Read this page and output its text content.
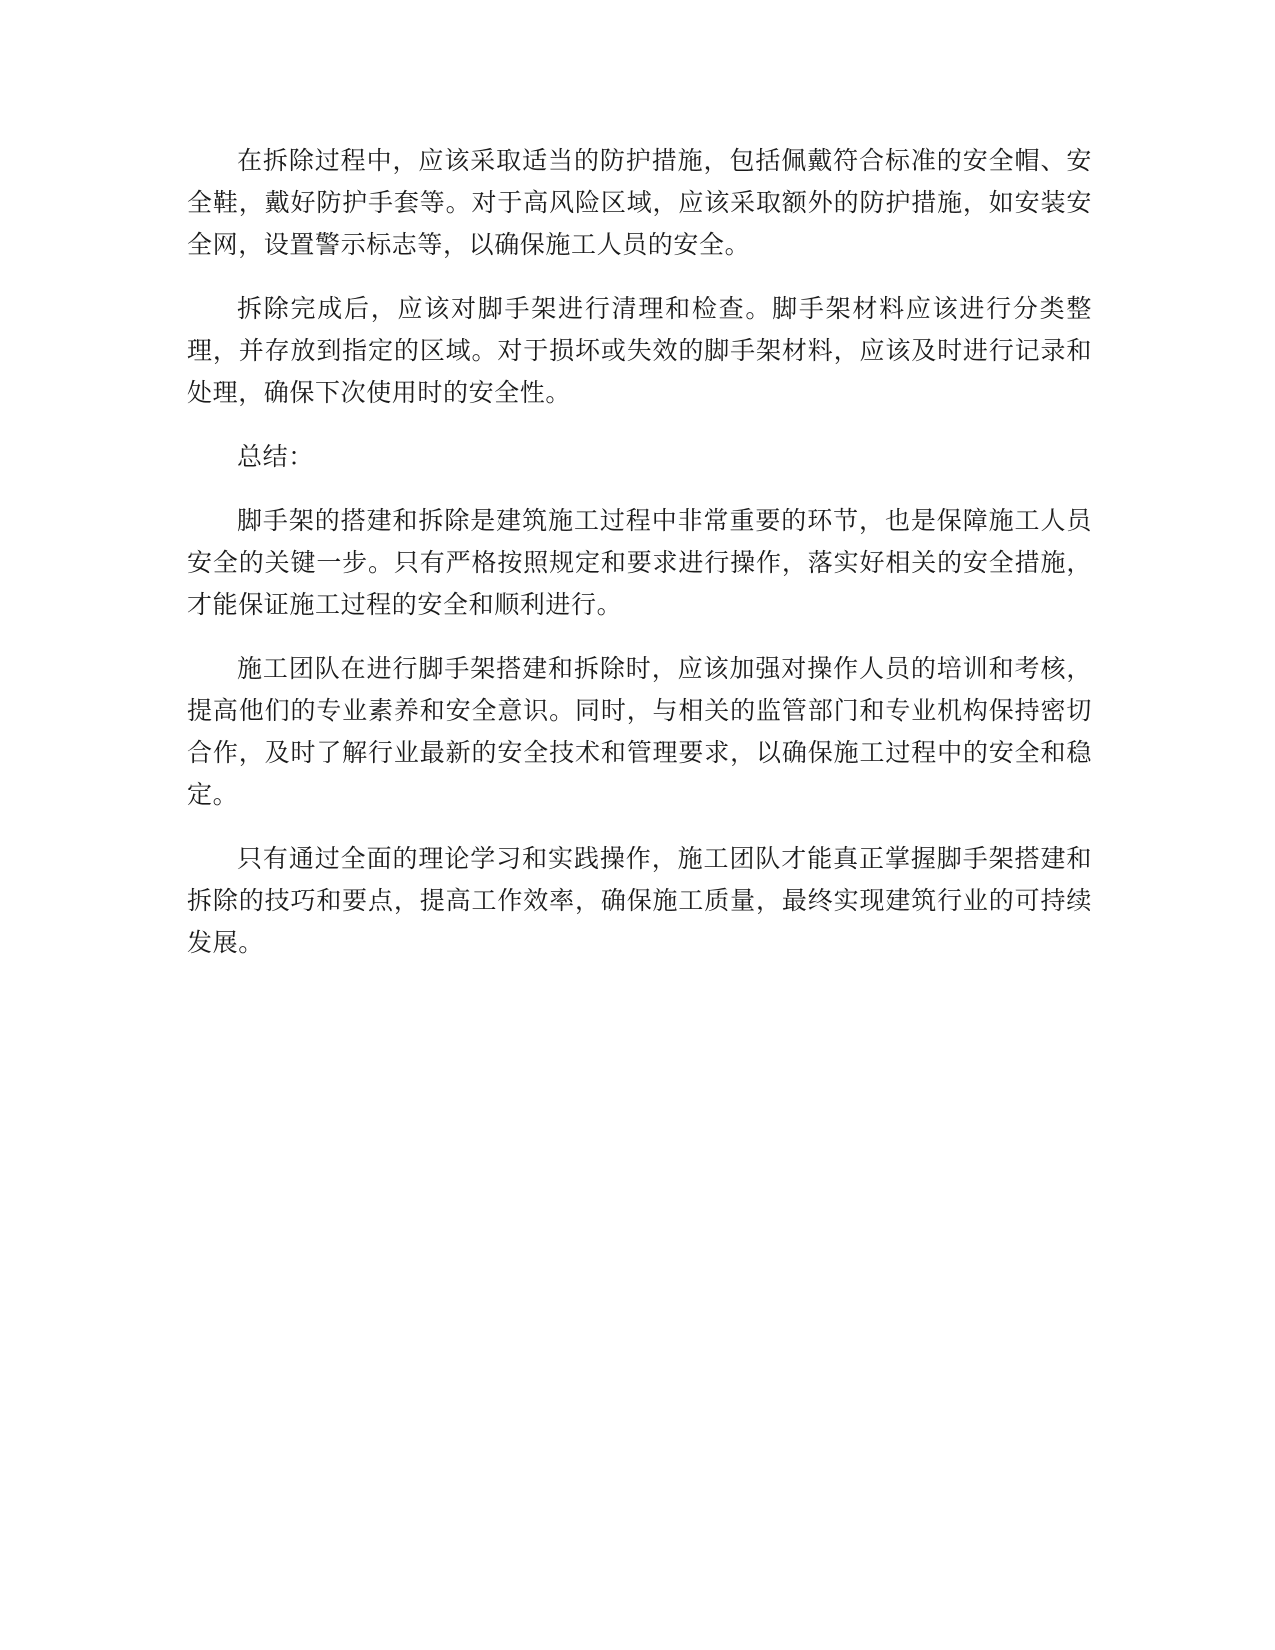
在拆除过程中，应该采取适当的防护措施，包括佩戴符合标准的安全帽、安全鞋，戴好防护手套等。对于高风险区域，应该采取额外的防护措施，如安装安全网，设置警示标志等，以确保施工人员的安全。

拆除完成后，应该对脚手架进行清理和检查。脚手架材料应该进行分类整理，并存放到指定的区域。对于损坏或失效的脚手架材料，应该及时进行记录和处理，确保下次使用时的安全性。

总结：

脚手架的搭建和拆除是建筑施工过程中非常重要的环节，也是保障施工人员安全的关键一步。只有严格按照规定和要求进行操作，落实好相关的安全措施，才能保证施工过程的安全和顺利进行。

施工团队在进行脚手架搭建和拆除时，应该加强对操作人员的培训和考核，提高他们的专业素养和安全意识。同时，与相关的监管部门和专业机构保持密切合作，及时了解行业最新的安全技术和管理要求，以确保施工过程中的安全和稳定。

只有通过全面的理论学习和实践操作，施工团队才能真正掌握脚手架搭建和拆除的技巧和要点，提高工作效率，确保施工质量，最终实现建筑行业的可持续发展。
